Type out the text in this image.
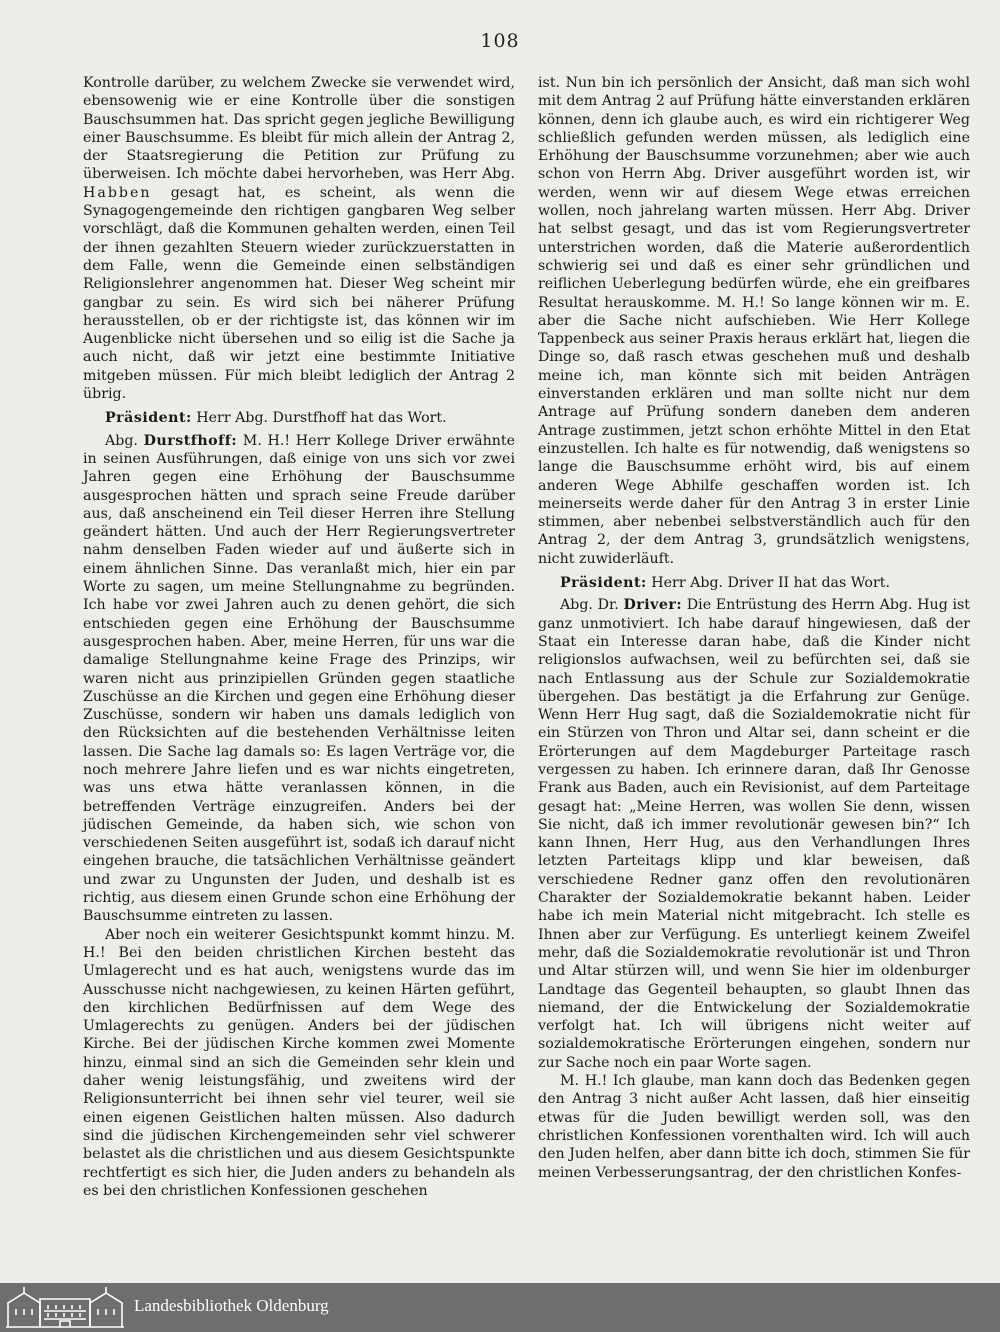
108

Kontrolle darüber, zu welchem Zwecke sie verwendet wird, ebensowenig wie er eine Kontrolle über die sonstigen Bauschsummen hat. Das spricht gegen jegliche Bewilligung einer Bauschsumme. Es bleibt für mich allein der Antrag 2, der Staatsregierung die Petition zur Prüfung zu überweisen. Ich möchte dabei hervorheben, was Herr Abg. Habben gesagt hat, es scheint, als wenn die Synagogengemeinde den richtigen gangbaren Weg selber vorschlägt, daß die Kommunen gehalten werden, einen Teil der ihnen gezahlten Steuern wieder zurückzuerstatten in dem Falle, wenn die Gemeinde einen selbständigen Religionslehrer angenommen hat. Dieser Weg scheint mir gangbar zu sein. Es wird sich bei näherer Prüfung herausstellen, ob er der richtigste ist, das können wir im Augenblicke nicht übersehen und so eilig ist die Sache ja auch nicht, daß wir jetzt eine bestimmte Initiative mitgeben müssen. Für mich bleibt lediglich der Antrag 2 übrig.

Präsident: Herr Abg. Durstfhoff hat das Wort.

Abg. Durstfhoff: M. H.! Herr Kollege Driver erwähnte in seinen Ausführungen, daß einige von uns sich vor zwei Jahren gegen eine Erhöhung der Bauschsumme ausgesprochen hätten und sprach seine Freude darüber aus, daß anscheinend ein Teil dieser Herren ihre Stellung geändert hätten. Und auch der Herr Regierungsvertreter nahm denselben Faden wieder auf und äußerte sich in einem ähnlichen Sinne. Das veranlaßt mich, hier ein par Worte zu sagen, um meine Stellungnahme zu begründen. Ich habe vor zwei Jahren auch zu denen gehört, die sich entschieden gegen eine Erhöhung der Bauschsumme ausgesprochen haben. Aber, meine Herren, für uns war die damalige Stellungnahme keine Frage des Prinzips, wir waren nicht aus prinzipiellen Gründen gegen staatliche Zuschüsse an die Kirchen und gegen eine Erhöhung dieser Zuschüsse, sondern wir haben uns damals lediglich von den Rücksichten auf die bestehenden Verhältnisse leiten lassen. Die Sache lag damals so: Es lagen Verträge vor, die noch mehrere Jahre liefen und es war nichts eingetreten, was uns etwa hätte veranlassen können, in die betreffenden Verträge einzugreifen. Anders bei der jüdischen Gemeinde, da haben sich, wie schon von verschiedenen Seiten ausgeführt ist, sodaß ich darauf nicht eingehen brauche, die tatsächlichen Verhältnisse geändert und zwar zu Ungunsten der Juden, und deshalb ist es richtig, aus diesem einen Grunde schon eine Erhöhung der Bauschsumme eintreten zu lassen.

Aber noch ein weiterer Gesichtspunkt kommt hinzu. M. H.! Bei den beiden christlichen Kirchen besteht das Umlagerecht und es hat auch, wenigstens wurde das im Ausschusse nicht nachgewiesen, zu keinen Härten geführt, den kirchlichen Bedürfnissen auf dem Wege des Umlagerechts zu genügen. Anders bei der jüdischen Kirche. Bei der jüdischen Kirche kommen zwei Momente hinzu, einmal sind an sich die Gemeinden sehr klein und daher wenig leistungsfähig, und zweitens wird der Religionsunterricht bei ihnen sehr viel teurer, weil sie einen eigenen Geistlichen halten müssen. Also dadurch sind die jüdischen Kirchengemeinden sehr viel schwerer belastet als die christlichen und aus diesem Gesichtspunkte rechtfertigt es sich hier, die Juden anders zu behandeln als es bei den christlichen Konfessionen geschehen

ist. Nun bin ich persönlich der Ansicht, daß man sich wohl mit dem Antrag 2 auf Prüfung hätte einverstanden erklären können, denn ich glaube auch, es wird ein richtigerer Weg schließlich gefunden werden müssen, als lediglich eine Erhöhung der Bauschsumme vorzunehmen; aber wie auch schon von Herrn Abg. Driver ausgeführt worden ist, wir werden, wenn wir auf diesem Wege etwas erreichen wollen, noch jahrelang warten müssen. Herr Abg. Driver hat selbst gesagt, und das ist vom Regierungsvertreter unterstrichen worden, daß die Materie außerordentlich schwierig sei und daß es einer sehr gründlichen und reiflichen Ueberlegung bedürfen würde, ehe ein greifbares Resultat herauskomme. M. H.! So lange können wir m. E. aber die Sache nicht aufschieben. Wie Herr Kollege Tappenbeck aus seiner Praxis heraus erklärt hat, liegen die Dinge so, daß rasch etwas geschehen muß und deshalb meine ich, man könnte sich mit beiden Anträgen einverstanden erklären und man sollte nicht nur dem Antrage auf Prüfung sondern daneben dem anderen Antrage zustimmen, jetzt schon erhöhte Mittel in den Etat einzustellen. Ich halte es für notwendig, daß wenigstens so lange die Bauschsumme erhöht wird, bis auf einem anderen Wege Abhilfe geschaffen worden ist. Ich meinerseits werde daher für den Antrag 3 in erster Linie stimmen, aber nebenbei selbstverständlich auch für den Antrag 2, der dem Antrag 3, grundsätzlich wenigstens, nicht zuwiderläuft.

Präsident: Herr Abg. Driver II hat das Wort.

Abg. Dr. Driver: Die Entrüstung des Herrn Abg. Hug ist ganz unmotiviert. Ich habe darauf hingewiesen, daß der Staat ein Interesse daran habe, daß die Kinder nicht religionslos aufwachsen, weil zu befürchten sei, daß sie nach Entlassung aus der Schule zur Sozialdemokratie übergehen. Das bestätigt ja die Erfahrung zur Genüge. Wenn Herr Hug sagt, daß die Sozialdemokratie nicht für ein Stürzen von Thron und Altar sei, dann scheint er die Erörterungen auf dem Magdeburger Parteitage rasch vergessen zu haben. Ich erinnere daran, daß Ihr Genosse Frank aus Baden, auch ein Revisionist, auf dem Parteitage gesagt hat: „Meine Herren, was wollen Sie denn, wissen Sie nicht, daß ich immer revolutionär gewesen bin?“ Ich kann Ihnen, Herr Hug, aus den Verhandlungen Ihres letzten Parteitags klipp und klar beweisen, daß verschiedene Redner ganz offen den revolutionären Charakter der Sozialdemokratie bekannt haben. Leider habe ich mein Material nicht mitgebracht. Ich stelle es Ihnen aber zur Verfügung. Es unterliegt keinem Zweifel mehr, daß die Sozialdemokratie revolutionär ist und Thron und Altar stürzen will, und wenn Sie hier im oldenburger Landtage das Gegenteil behaupten, so glaubt Ihnen das niemand, der die Entwickelung der Sozialdemokratie verfolgt hat. Ich will übrigens nicht weiter auf sozialdemokratische Erörterungen eingehen, sondern nur zur Sache noch ein paar Worte sagen.

M. H.! Ich glaube, man kann doch das Bedenken gegen den Antrag 3 nicht außer Acht lassen, daß hier einseitig etwas für die Juden bewilligt werden soll, was den christlichen Konfessionen vorenthalten wird. Ich will auch den Juden helfen, aber dann bitte ich doch, stimmen Sie für meinen Verbesserungsantrag, der den christlichen Konfes-

Landesbibliothek Oldenburg
